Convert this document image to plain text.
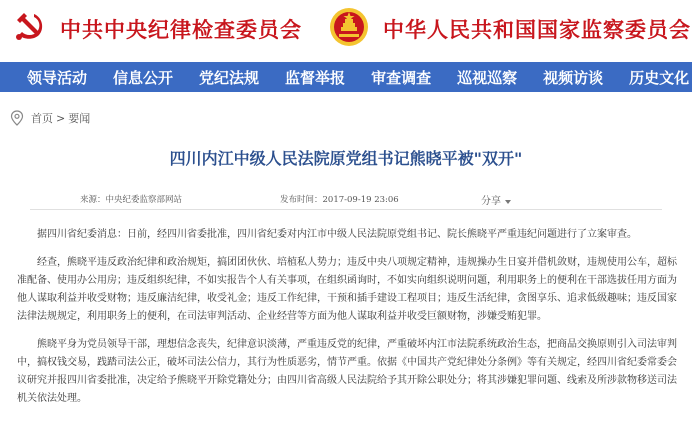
中共中央纪律检查委员会	中华人民共和国国家监察委员会
领导活动 信息公开 党纪法规 监督举报 审查调查 巡视巡察 视频访谈 历史文化
首页 > 要闻
四川内江中级人民法院原党组书记熊晓平被"双开"
来源：中央纪委监察部网站	发布时间：2017-09-19 23:06	分享

据四川省纪委消息：日前，经四川省委批准，四川省纪委对内江市中级人民法院原党组书记、院长熊晓平严重违纪问题进行了立案审查。

经查，熊晓平违反政治纪律和政治规矩，搞团团伙伙、培植私人势力；违反中央八项规定精神，违规操办生日宴并借机敛财，违规使用公车，超标准配备、使用办公用房；违反组织纪律，不如实报告个人有关事项，在组织函询时，不如实向组织说明问题，利用职务上的便利在干部选拔任用方面为他人谋取利益并收受财物；违反廉洁纪律，收受礼金；违反工作纪律，干预和插手建设工程项目；违反生活纪律，贪图享乐、追求低级趣味；违反国家法律法规规定，利用职务上的便利，在司法审判活动、企业经营等方面为他人谋取利益并收受巨额财物，涉嫌受贿犯罪。

熊晓平身为党员领导干部，理想信念丧失，纪律意识淡薄，严重违反党的纪律，严重破坏内江市法院系统政治生态，把商品交换原则引入司法审判中，搞权钱交易，践踏司法公正，破坏司法公信力，其行为性质恶劣，情节严重。依据《中国共产党纪律处分条例》等有关规定，经四川省纪委常委会议研究并报四川省委批准，决定给予熊晓平开除党籍处分；由四川省高级人民法院给予其开除公职处分；将其涉嫌犯罪问题、线索及所涉款物移送司法机关依法处理。
